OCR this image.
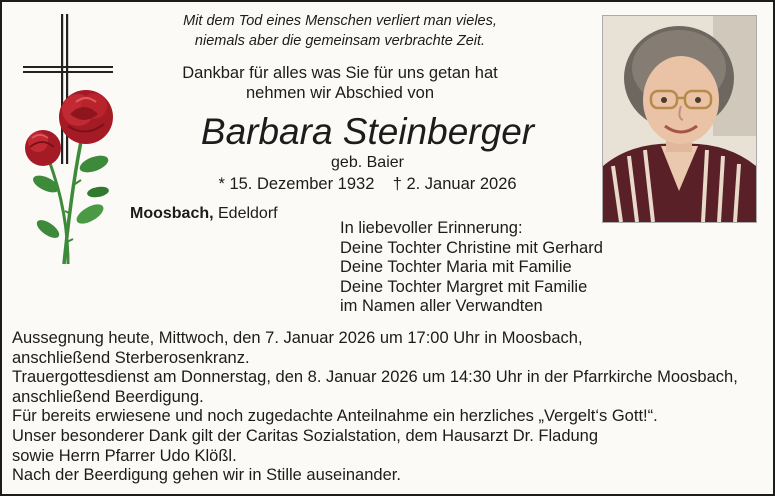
Mit dem Tod eines Menschen verliert man vieles,
niemals aber die gemeinsam verbrachte Zeit.
Dankbar für alles was Sie für uns getan hat
nehmen wir Abschied von
Barbara Steinberger
geb. Baier
* 15. Dezember 1932    † 2. Januar 2026
Moosbach, Edeldorf
In liebevoller Erinnerung:
Deine Tochter Christine mit Gerhard
Deine Tochter Maria mit Familie
Deine Tochter Margret mit Familie
im Namen aller Verwandten
Aussegnung heute, Mittwoch, den 7. Januar 2026 um 17:00 Uhr in Moosbach,
anschließend Sterberosenkranz.
Trauergottesdienst am Donnerstag, den 8. Januar 2026 um 14:30 Uhr in der Pfarrkirche Moosbach,
anschließend Beerdigung.
Für bereits erwiesene und noch zugedachte Anteilnahme ein herzliches „Vergelt‘s Gott!“.
Unser besonderer Dank gilt der Caritas Sozialstation, dem Hausarzt Dr. Fladung
sowie Herrn Pfarrer Udo Klößl.
Nach der Beerdigung gehen wir in Stille auseinander.
